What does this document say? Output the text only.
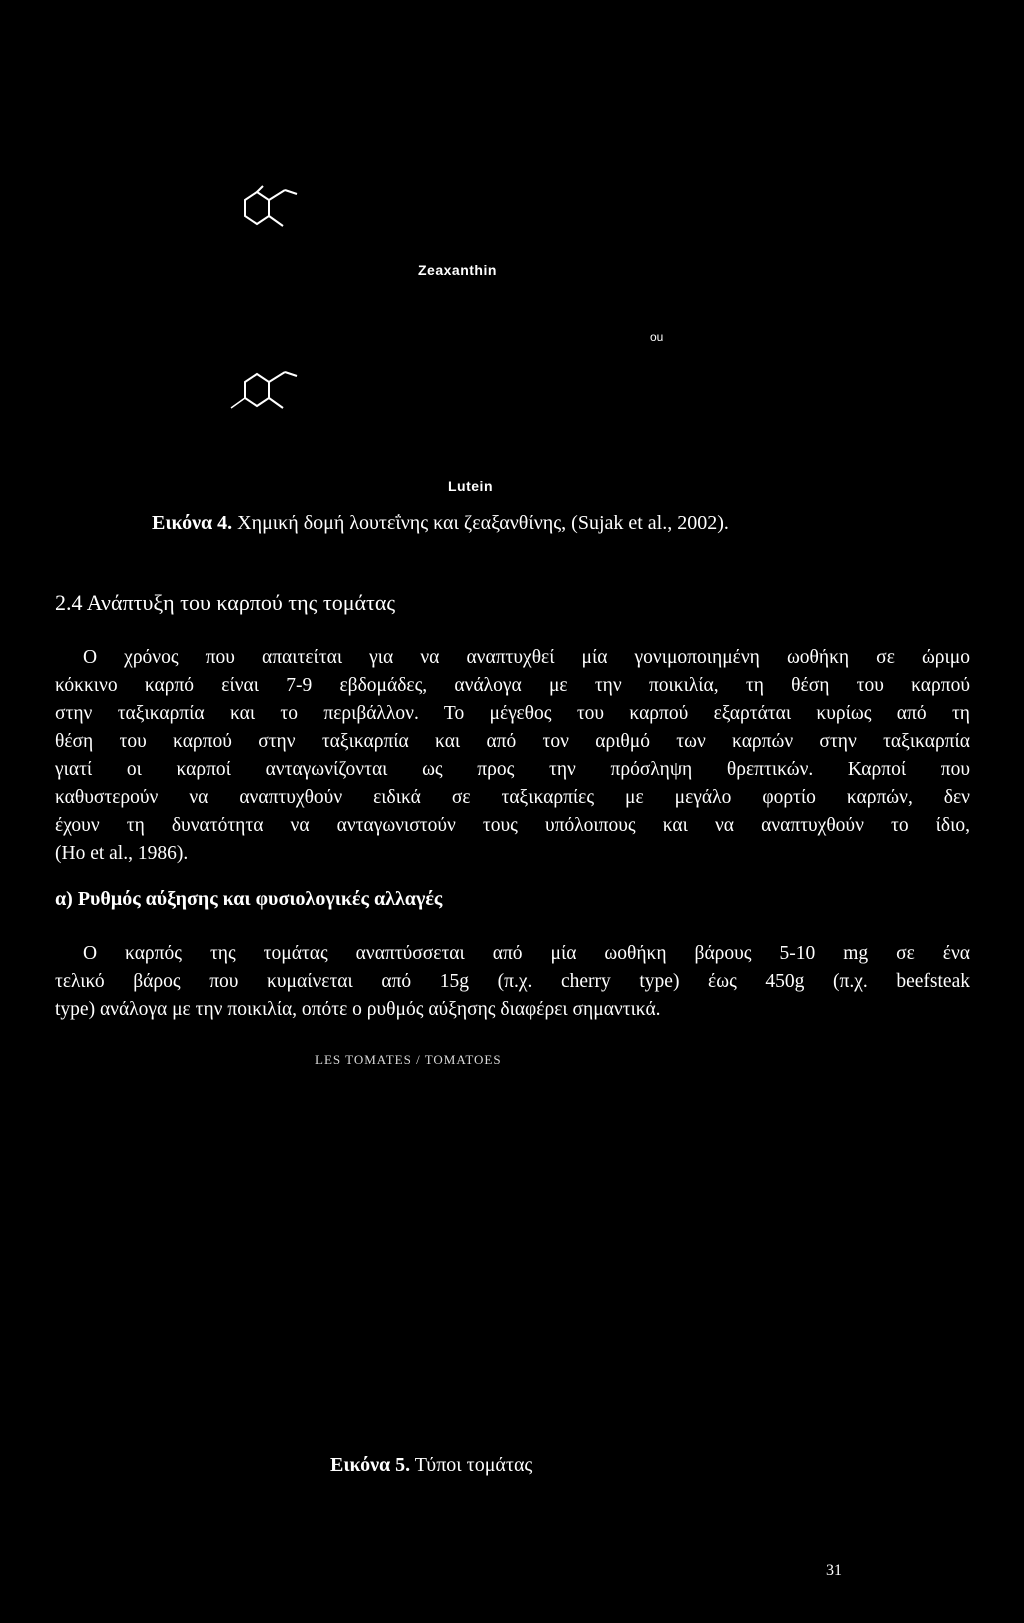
Zeaxanthin
ou
Lutein
Εικόνα 4. Χημική δομή λουτεΐνης και ζεαξανθίνης, (Sujak et al., 2002).
2.4 Ανάπτυξη του καρπού της τομάτας
Ο χρόνος που απαιτείται για να αναπτυχθεί μία γονιμοποιημένη ωοθήκη σε ώριμο
κόκκινο καρπό είναι 7-9 εβδομάδες, ανάλογα με την ποικιλία, τη θέση του καρπού
στην ταξικαρπία και το περιβάλλον. Το μέγεθος του καρπού εξαρτάται κυρίως από τη
θέση του καρπού στην ταξικαρπία και από τον αριθμό των καρπών στην ταξικαρπία
γιατί οι καρποί ανταγωνίζονται ως προς την πρόσληψη θρεπτικών. Καρποί που
καθυστερούν να αναπτυχθούν ειδικά σε ταξικαρπίες με μεγάλο φορτίο καρπών, δεν
έχουν τη δυνατότητα να ανταγωνιστούν τους υπόλοιπους και να αναπτυχθούν το ίδιο,
(Ho et al., 1986).
α) Ρυθμός αύξησης και φυσιολογικές αλλαγές
Ο καρπός της τομάτας αναπτύσσεται από μία ωοθήκη βάρους 5-10 mg σε ένα
τελικό βάρος που κυμαίνεται από 15g (π.χ. cherry type) έως 450g (π.χ. beefsteak
type) ανάλογα με την ποικιλία, οπότε ο ρυθμός αύξησης διαφέρει σημαντικά.
LES TOMATES / TOMATOES
Εικόνα 5. Τύποι τομάτας
31
